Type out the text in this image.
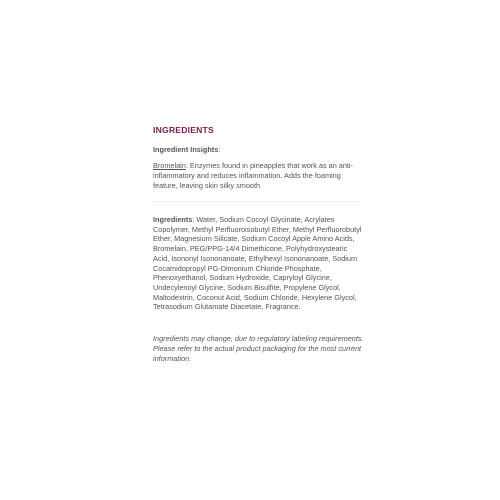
INGREDIENTS
Ingredient Insights:
Bromelain: Enzymes found in pineapples that work as an anti-inflammatory and reduces inflammation. Adds the foaming feature, leaving skin silky smooth
Ingredients: Water, Sodium Cocoyl Glycinate, Acrylates Copolymer, Methyl Perfluoroisobutyl Ether, Methyl Perfluorobutyl Ether, Magnesium Silicate, Sodium Cocoyl Apple Amino Acids, Bromelain, PEG/PPG-14/4 Dimethicone, Polyhydroxystearic Acid, Isononyl Isononanoate, Ethylhexyl Isononanoate, Sodium Cocamidopropyl PG-Dimonium Chloride Phosphate, Phenoxyethanol, Sodium Hydroxide, Capryloyl Glycine, Undecylenoyl Glycine, Sodium Bisulfite, Propylene Glycol, Maltodextrin, Coconut Acid, Sodium Chloride, Hexylene Glycol, Tetrasodium Glutamate Diacetate, Fragrance.
Ingredients may change, due to regulatory labeling requirements. Please refer to the actual product packaging for the most current information.
